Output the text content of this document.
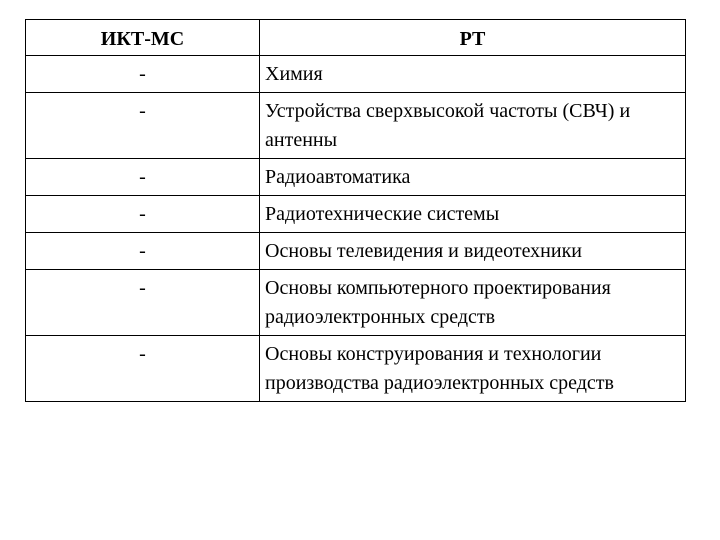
ИКТ-МС	РТ
-	Химия
-	Устройства сверхвысокой частоты (СВЧ) и антенны
-	Радиоавтоматика
-	Радиотехнические системы
-	Основы телевидения и видеотехники
-	Основы компьютерного проектирования радиоэлектронных средств
-	Основы конструирования и технологии производства радиоэлектронных средств
